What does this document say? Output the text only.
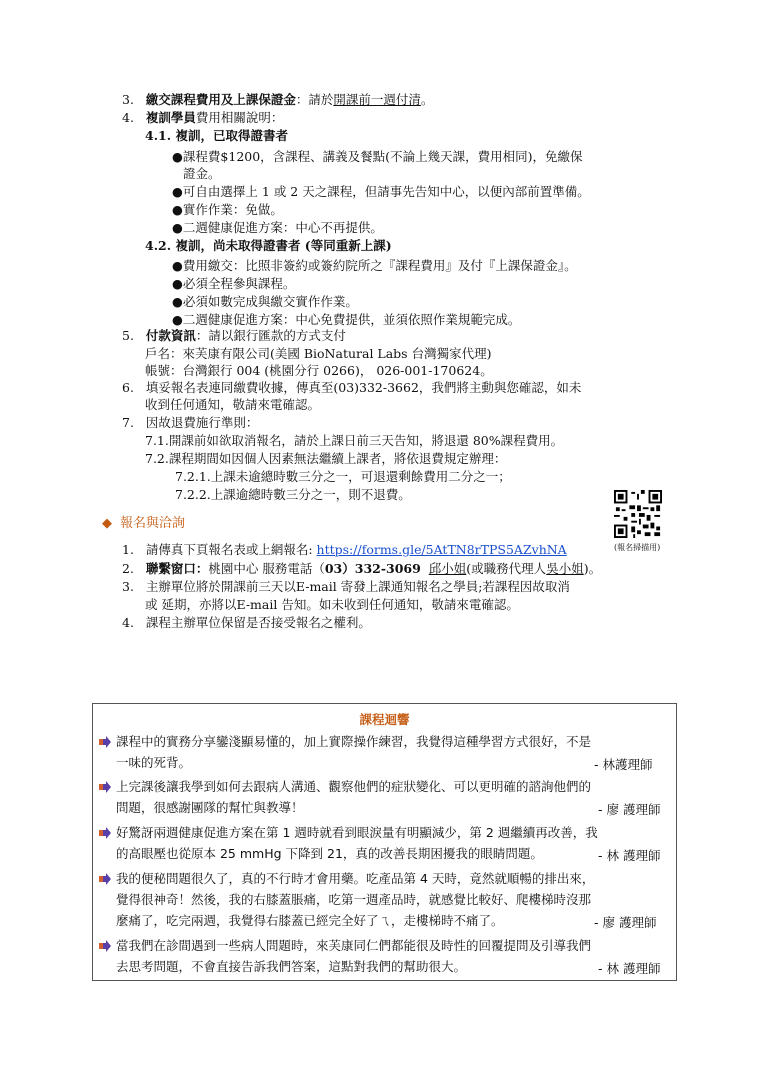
3. 繳交課程費用及上課保證金：請於開課前一週付清。
4. 複訓學員費用相關說明：
4.1. 複訓，已取得證書者
●課程費$1200，含課程、講義及餐點(不論上幾天課，費用相同)，免繳保
證金。
●可自由選擇上 1 或 2 天之課程，但請事先告知中心，以便內部前置準備。
●實作作業：免做。
●二週健康促進方案：中心不再提供。
4.2. 複訓，尚未取得證書者 (等同重新上課)
●費用繳交：比照非簽約或簽約院所之『課程費用』及付『上課保證金』。
●必須全程參與課程。
●必須如數完成與繳交實作作業。
●二週健康促進方案：中心免費提供，並須依照作業規範完成。
5. 付款資訊：請以銀行匯款的方式支付
戶名：來芙康有限公司(美國 BioNatural Labs 台灣獨家代理)
帳號：台灣銀行 004 (桃園分行 0266)， 026-001-170624。
6. 填妥報名表連同繳費收據，傳真至(03)332-3662，我們將主動與您確認，如未
收到任何通知，敬請來電確認。
7. 因故退費施行準則：
7.1.開課前如欲取消報名，請於上課日前三天告知，將退還 80%課程費用。
7.2.課程期間如因個人因素無法繼續上課者，將依退費規定辦理：
7.2.1.上課未逾總時數三分之一，可退還剩餘費用二分之一；
7.2.2.上課逾總時數三分之一，則不退費。
(報名掃描用)
◆ 報名與洽詢
1. 請傳真下頁報名表或上網報名: https://forms.gle/5AtTN8rTPS5AZvhNA
2. 聯繫窗口：桃園中心 服務電話（03）332-3069 邱小姐(或職務代理人吳小姐)。
3. 主辦單位將於開課前三天以E-mail 寄發上課通知報名之學員;若課程因故取消
或 延期，亦將以E-mail 告知。如未收到任何通知，敬請來電確認。
4. 課程主辦單位保留是否接受報名之權利。
課程迴響
課程中的實務分享鑾淺顯易懂的，加上實際操作練習，我覺得這種學習方式很好，不是
一味的死背。	- 林護理師
上完課後讓我學到如何去跟病人溝通、觀察他們的症狀變化、可以更明確的諮詢他們的
問題，很感謝團隊的幫忙與教導！	- 廖 護理師
好驚訝兩週健康促進方案在第 1 週時就看到眼淚量有明顯減少，第 2 週繼續再改善，我
的高眼壓也從原本 25 mmHg 下降到 21，真的改善長期困擾我的眼睛問題。	- 林 護理師
我的便秘問題很久了，真的不行時才會用藥。吃產品第 4 天時，竟然就順暢的排出來，
覺得很神奇！然後，我的右膝蓋脹痛，吃第一週產品時，就感覺比較好、爬樓梯時沒那
麼痛了，吃完兩週，我覺得右膝蓋已經完全好了ㄟ，走樓梯時不痛了。	- 廖 護理師
當我們在診間遇到一些病人問題時，來芙康同仁們都能很及時性的回覆提問及引導我們
去思考問題，不會直接告訴我們答案，這點對我們的幫助很大。	- 林 護理師
